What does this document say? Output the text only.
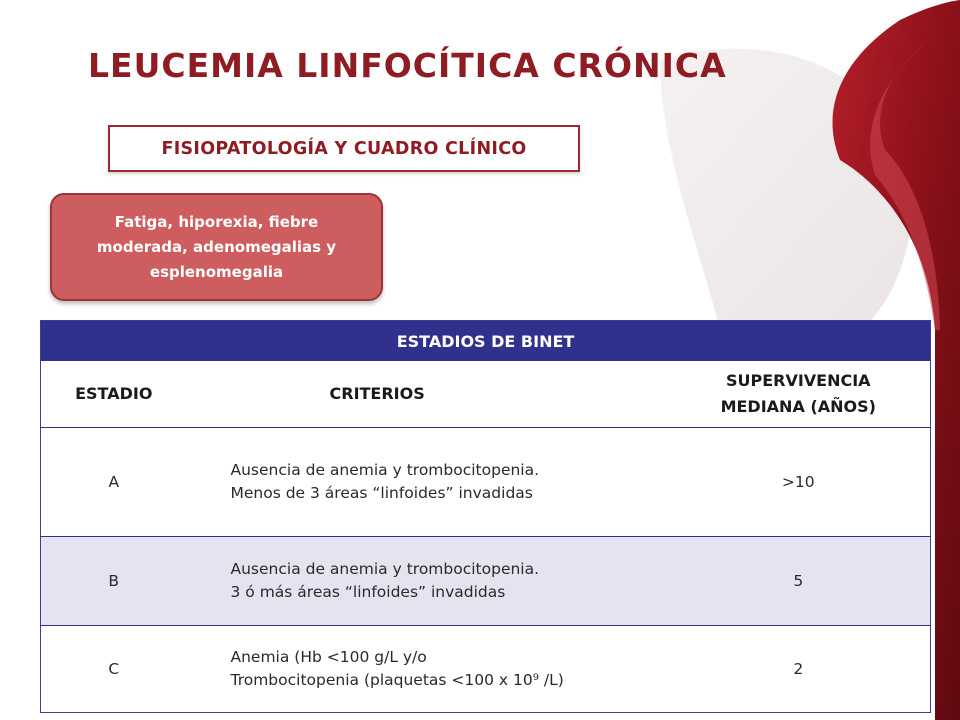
LEUCEMIA LINFOCÍTICA CRÓNICA
FISIOPATOLOGÍA Y CUADRO CLÍNICO
Fatiga, hiporexia, fiebre moderada, adenomegalias y esplenomegalia
ESTADIOS DE BINET		
ESTADIO	CRITERIOS	SUPERVIVENCIA
MEDIANA (AÑOS)

A	Ausencia de anemia y trombocitopenia.
Menos de 3 áreas “linfoides” invadidas	>10
B	Ausencia de anemia y trombocitopenia.
3 ó más áreas “linfoides” invadidas	5
C	Anemia (Hb <100 g/L y/o
Trombocitopenia (plaquetas <100 x 10⁹ /L)	2
